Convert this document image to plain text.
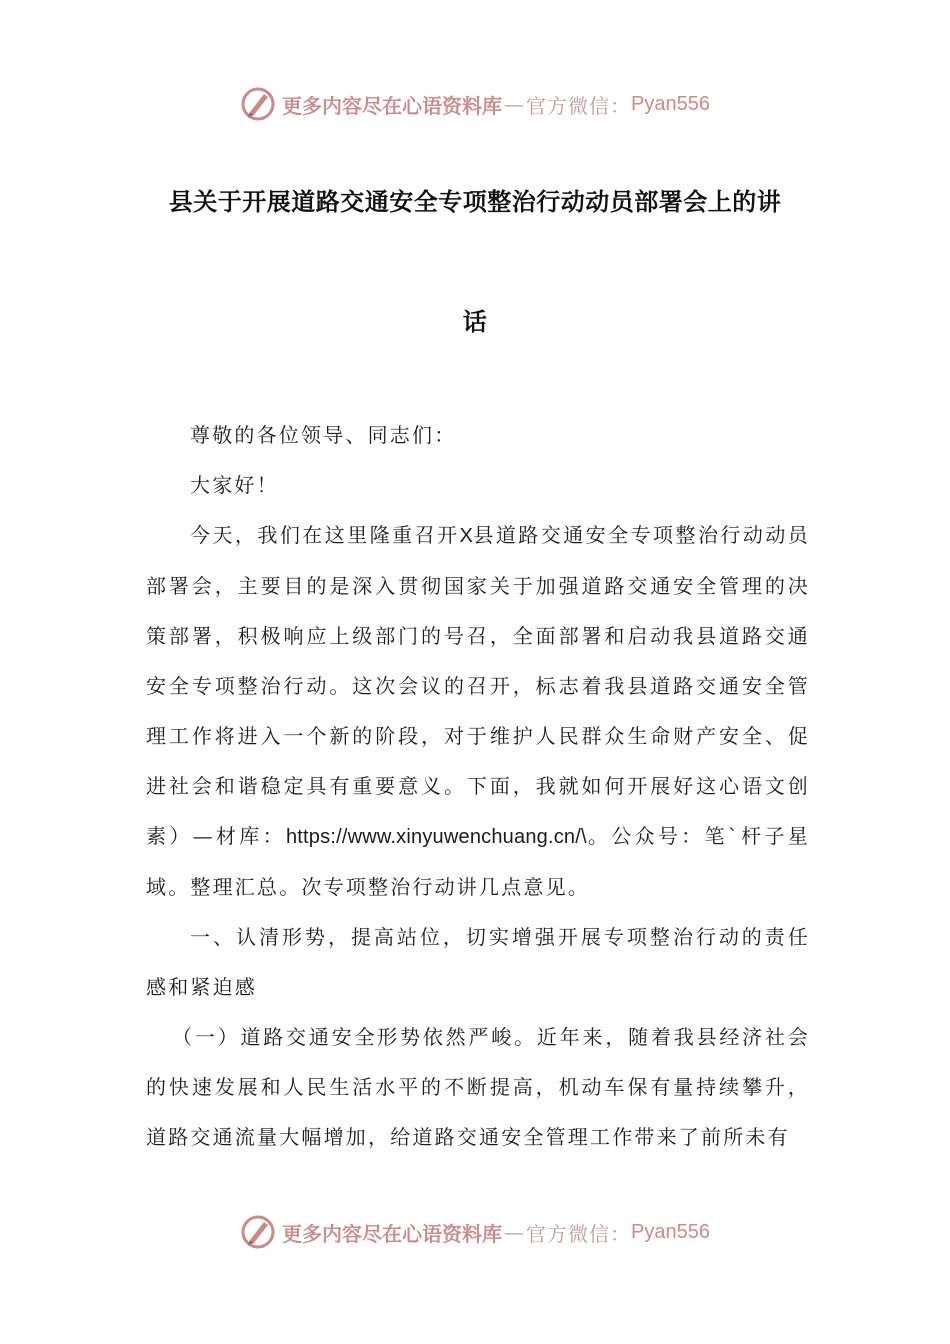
更多内容尽在心语资料库 — 官方微信： Pyan556
县关于开展道路交通安全专项整治行动动员部署会上的讲
话

尊敬的各位领导、同志们：

大家好！

今天，我们在这里隆重召开X县道路交通安全专项整治行动动员部署会，主要目的是深入贯彻国家关于加强道路交通安全管理的决策部署，积极响应上级部门的号召，全面部署和启动我县道路交通安全专项整治行动。这次会议的召开，标志着我县道路交通安全管理工作将进入一个新的阶段，对于维护人民群众生命财产安全、促进社会和谐稳定具有重要意义。下面，我就如何开展好这心语文创素）—材库：https://www.xinyuwenchuang.cn/\。公众号：笔`杆子星域。整理汇总。次专项整治行动讲几点意见。

一、认清形势，提高站位，切实增强开展专项整治行动的责任感和紧迫感

（一）道路交通安全形势依然严峻。近年来，随着我县经济社会的快速发展和人民生活水平的不断提高，机动车保有量持续攀升，道路交通流量大幅增加，给道路交通安全管理工作带来了前所未有

更多内容尽在心语资料库 — 官方微信： Pyan556
